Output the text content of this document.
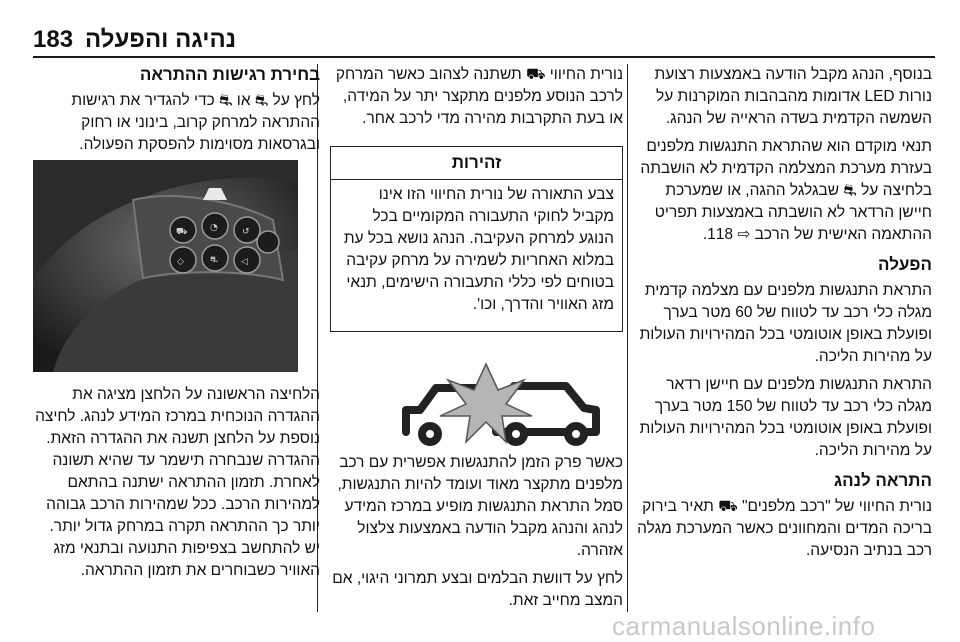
183 נהיגה והפעלה

בנוסף, הנהג מקבל הודעה באמצעות רצועת נורות LED אדומות מהבהבות המוקרנות על השמשה הקדמית בשדה הראייה של הנהג.

תנאי מוקדם הוא שהתראת התנגשות מלפנים בעזרת מערכת המצלמה הקדמית לא הושבתה בלחיצה על ⛐ שבגלגל ההגה, או שמערכת חיישן הרדאר לא הושבתה באמצעות תפריט ההתאמה האישית של הרכב ⇨ 118.

הפעלה

התראת התנגשות מלפנים עם מצלמה קדמית מגלה כלי רכב עד לטווח של 60 מטר בערך ופועלת באופן אוטומטי בכל המהירויות העולות על מהירות הליכה.

התראת התנגשות מלפנים עם חיישן רדאר מגלה כלי רכב עד לטווח של 150 מטר בערך ופועלת באופן אוטומטי בכל המהירויות העולות על מהירות הליכה.

התראה לנהג

נורית החיווי של "רכב מלפנים" ⛟ תאיר בירוק בריכה המדים והמחוונים כאשר המערכת מגלה רכב בנתיב הנסיעה.

נורית החיווי ⛟ תשתנה לצהוב כאשר המרחק לרכב הנוסע מלפנים מתקצר יתר על המידה, או בעת התקרבות מהירה מדי לרכב אחר.

זהירות
צבע התאורה של נורית החיווי הזו אינו מקביל לחוקי התעבורה המקומיים בכל הנוגע למרחק העקיבה. הנהג נושא בכל עת במלוא האחריות לשמירה על מרחק עקיבה בטוחים לפי כללי התעבורה הישימים, תנאי מזג האוויר והדרך, וכו'.

כאשר פרק הזמן להתנגשות אפשרית עם רכב מלפנים מתקצר מאוד ועומד להיות התנגשות, סמל התראת התנגשות מופיע במרכז המידע לנהג והנהג מקבל הודעה באמצעות צלצול אזהרה.

לחץ על דוושת הבלמים ובצע תמרוני היגוי, אם המצב מחייב זאת.

בחירת רגישות ההתראה

לחץ על ⛐ או ⛐ כדי להגדיר את רגישות ההתראה למרחק קרוב, בינוני או רחוק ובגרסאות מסוימות להפסקת הפעולה.

⛟	◔	↺
◇	⛐	◁

הלחיצה הראשונה על הלחצן מציגה את ההגדרה הנוכחית במרכז המידע לנהג. לחיצה נוספת על הלחצן תשנה את ההגדרה הזאת. ההגדרה שנבחרה תישמר עד שהיא תשונה לאחרת. תזמון ההתראה ישתנה בהתאם למהירות הרכב. ככל שמהירות הרכב גבוהה יותר כך ההתראה תקרה במרחק גדול יותר. יש להתחשב בצפיפות התנועה ובתנאי מזג האוויר כשבוחרים את תזמון ההתראה.

carmanualsonline.info
